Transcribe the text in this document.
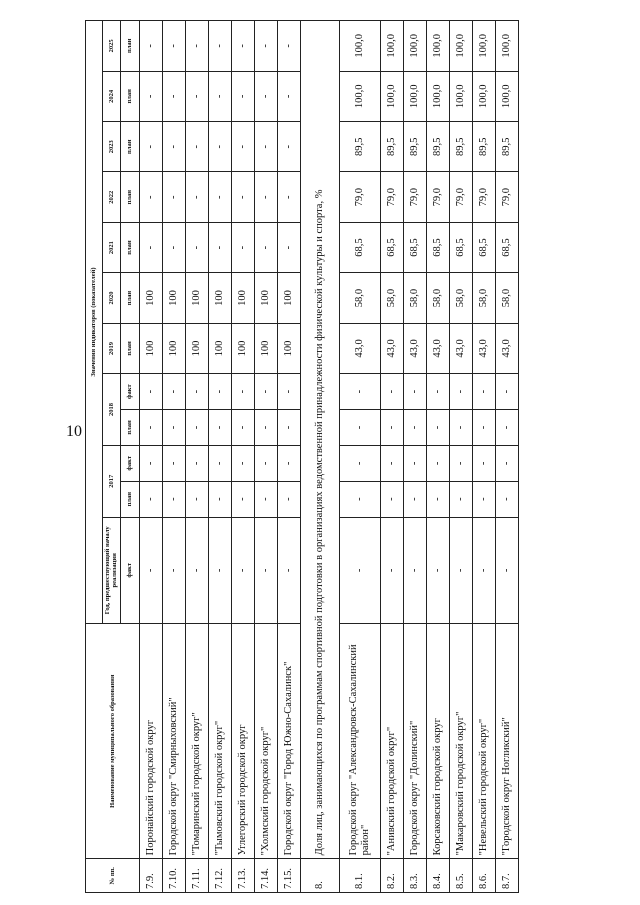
10
№ пп.	Наименование муниципального образования	Значения индикаторов (показателей)											
		Год, предшествующий началу реализации	2017		2018		2019	2020	2021	2022	2023	2024	2025
		факт	план	факт	план	факт	план	план	план	план	план	план	план
7.9.	Поронайский городской округ	-	-	-	-	-	100	100	-	-	-	-	-
7.10.	Городской округ "Смирныховский"	-	-	-	-	-	100	100	-	-	-	-	-
7.11.	"Томаринский городской округ"	-	-	-	-	-	100	100	-	-	-	-	-
7.12.	"Тымовский городской округ"	-	-	-	-	-	100	100	-	-	-	-	-
7.13.	Углегорский городской округ	-	-	-	-	-	100	100	-	-	-	-	-
7.14.	"Холмский городской округ"	-	-	-	-	-	100	100	-	-	-	-	-
7.15.	Городской округ "Город Южно-Сахалинск"	-	-	-	-	-	100	100	-	-	-	-	-
8.	Доля лиц, занимающихся по программам спортивной подготовки в организациях ведомственной принадлежности физической культуры и спорта, %												
8.1.	Городской округ "Александровск-Сахалинский район"	-	-	-	-	-	43,0	58,0	68,5	79,0	89,5	100,0	100,0
8.2.	"Анивский городской округ"	-	-	-	-	-	43,0	58,0	68,5	79,0	89,5	100,0	100,0
8.3.	Городской округ "Долинский"	-	-	-	-	-	43,0	58,0	68,5	79,0	89,5	100,0	100,0
8.4.	Корсаковский городской округ	-	-	-	-	-	43,0	58,0	68,5	79,0	89,5	100,0	100,0
8.5.	"Макаровский городской округ"	-	-	-	-	-	43,0	58,0	68,5	79,0	89,5	100,0	100,0
8.6.	"Невельский городской округ"	-	-	-	-	-	43,0	58,0	68,5	79,0	89,5	100,0	100,0
8.7.	"Городской округ Ногликский"	-	-	-	-	-	43,0	58,0	68,5	79,0	89,5	100,0	100,0
